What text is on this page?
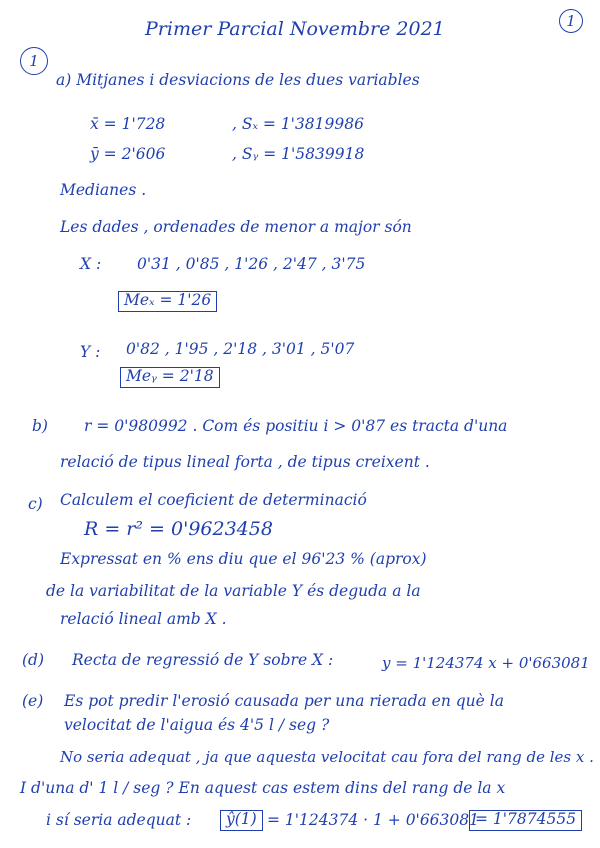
Primer Parcial Novembre 2021	1
1
a) Mitjanes i desviacions de les dues variables
x̄ = 1'728	, Sₓ = 1'3819986
ȳ = 2'606	, Sᵧ = 1'5839918
Medianes .
Les dades , ordenades de menor a major són
X : 0'31 , 0'85 , 1'26 , 2'47 , 3'75
Meₓ = 1'26
Y : 0'82 , 1'95 , 2'18 , 3'01 , 5'07
Meᵧ = 2'18
b) r = 0'980992 . Com és positiu i > 0'87 es tracta d'una
relació de tipus lineal forta , de tipus creixent .
c) Calculem el coeficient de determinació
R = r² = 0'9623458
Expressat en % ens diu que el 96'23 % (aprox)
de la variabilitat de la variable Y és deguda a la
relació lineal amb X .
(d) Recta de regressió de Y sobre X :	y = 1'124374 x + 0'663081
(e) Es pot predir l'erosió causada per una rierada en què la
velocitat de l'aigua és 4'5 l / seg ?
No seria adequat , ja que aquesta velocitat cau fora del rang de les x .
I d'una d' 1 l / seg ? En aquest cas estem dins del rang de la x
i sí seria adequat :	ŷ(1) = 1'124374 · 1 + 0'663081
= 1'7874555
